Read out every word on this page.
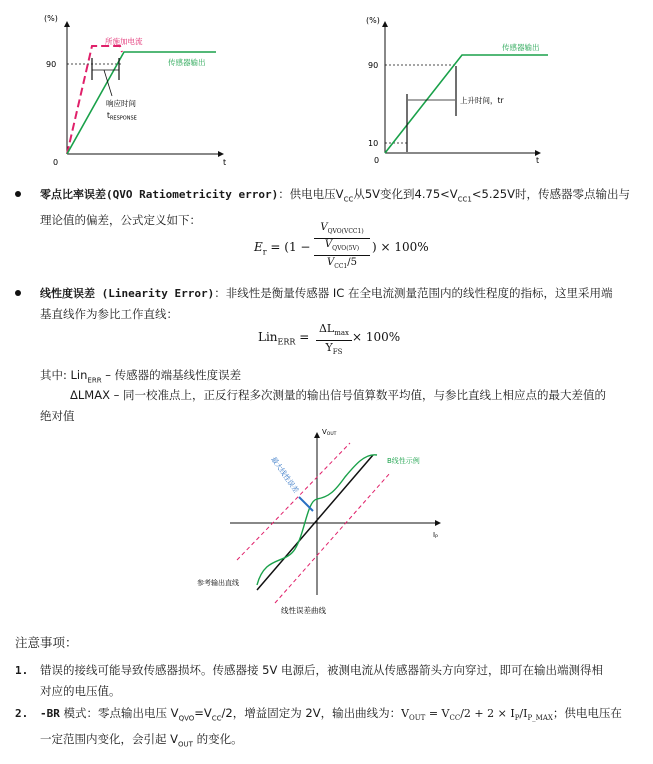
(%)
90
0	t
所施加电流
传感器输出
响应时间
$t_{RESPONSE}$
(%)
90
10
0	t
传感器输出
上升时间，tr
零点比率误差(QVO Ratiometricity error)：供电电压$V_{CC}$从5V变化到$4.75<V_{CC1}<5.25V$时，传感器零点输出与
理论值的偏差，公式定义如下：
$E_r = (1$ −
$V_{QVO(VCC1)}$
$V_{QVO(5V)}$
$V_{CC1}/5$
) × 100%
线性度误差 (Linearity Error)：非线性是衡量传感器 IC 在全电流测量范围内的线性程度的指标，这里采用端
基直线作为参比工作直线：
Lin$_{ERR}$ =
$\Delta L_{max}$
$Y_{FS}$
× 100%
其中: Lin$_{ERR}$ – 传感器的端基线性度误差
ΔLMAX – 同一校准点上，正反行程多次测量的输出信号值算数平均值，与参比直线上相应点的最大差值的
绝对值
VOUT
IP
最大线性误差	B线性示例
参考输出直线
线性误差曲线
注意事项：
1. 错误的接线可能导致传感器损坏。传感器接 5V 电源后，被测电流从传感器箭头方向穿过，即可在输出端测得相
对应的电压值。
2. -BR 模式：零点输出电压 $V_{QVO}=V_{CC}/2$，增益固定为 2V，输出曲线为：$V_{OUT} = V_{CC}/2 + 2 \times I_P/I_{P\_MAX}$；供电电压在
一定范围内变化，会引起 $V_{OUT}$ 的变化。
